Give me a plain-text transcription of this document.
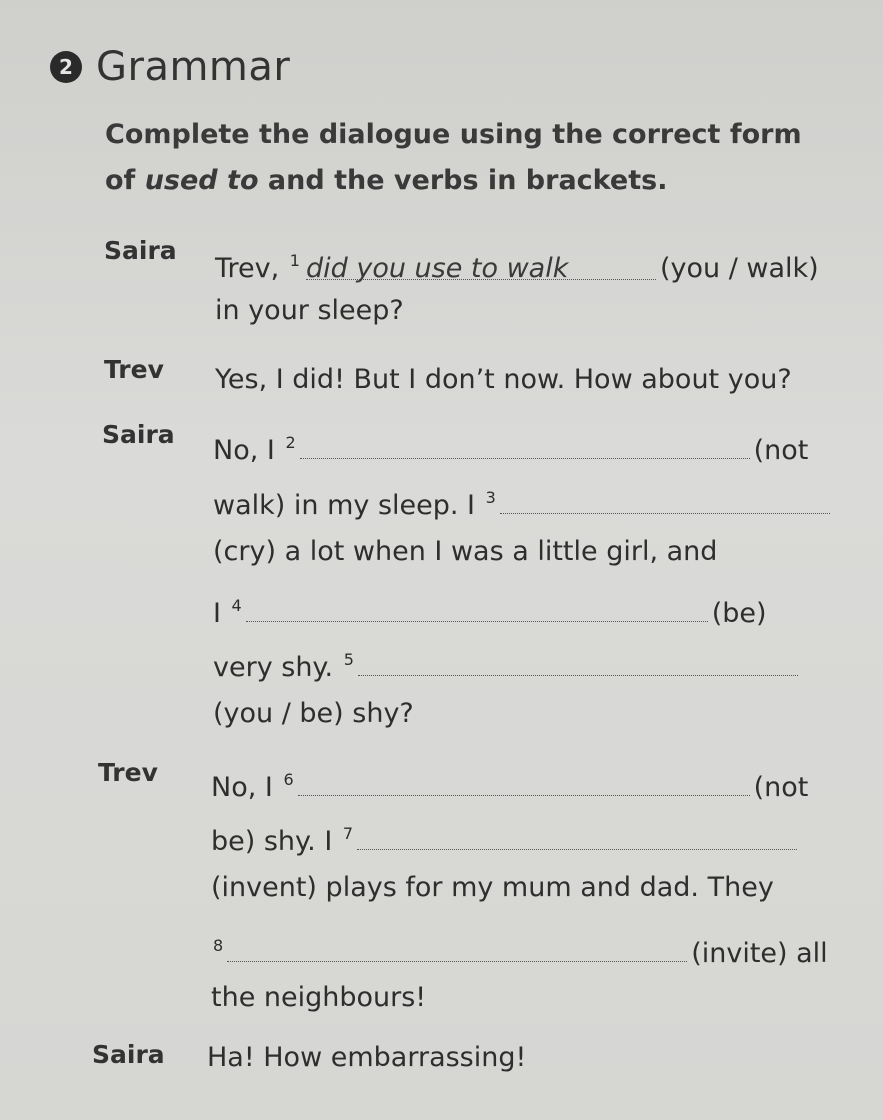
2 Grammar
Complete the dialogue using the correct form
of used to and the verbs in brackets.
Saira
Trev, $^1$ did you use to walk	(you / walk)
in your sleep?
Trev Yes, I did! But I don’t now. How about you?
Saira
No, I $^2$	(not
walk) in my sleep. I $^3$
(cry) a lot when I was a little girl, and
I $^4$	(be)
very shy. $^5$
(you / be) shy?
Trev No, I $^6$	(not
be) shy. I $^7$
(invent) plays for my mum and dad. They
$^8$	(invite) all
the neighbours!
Saira Ha! How embarrassing!
